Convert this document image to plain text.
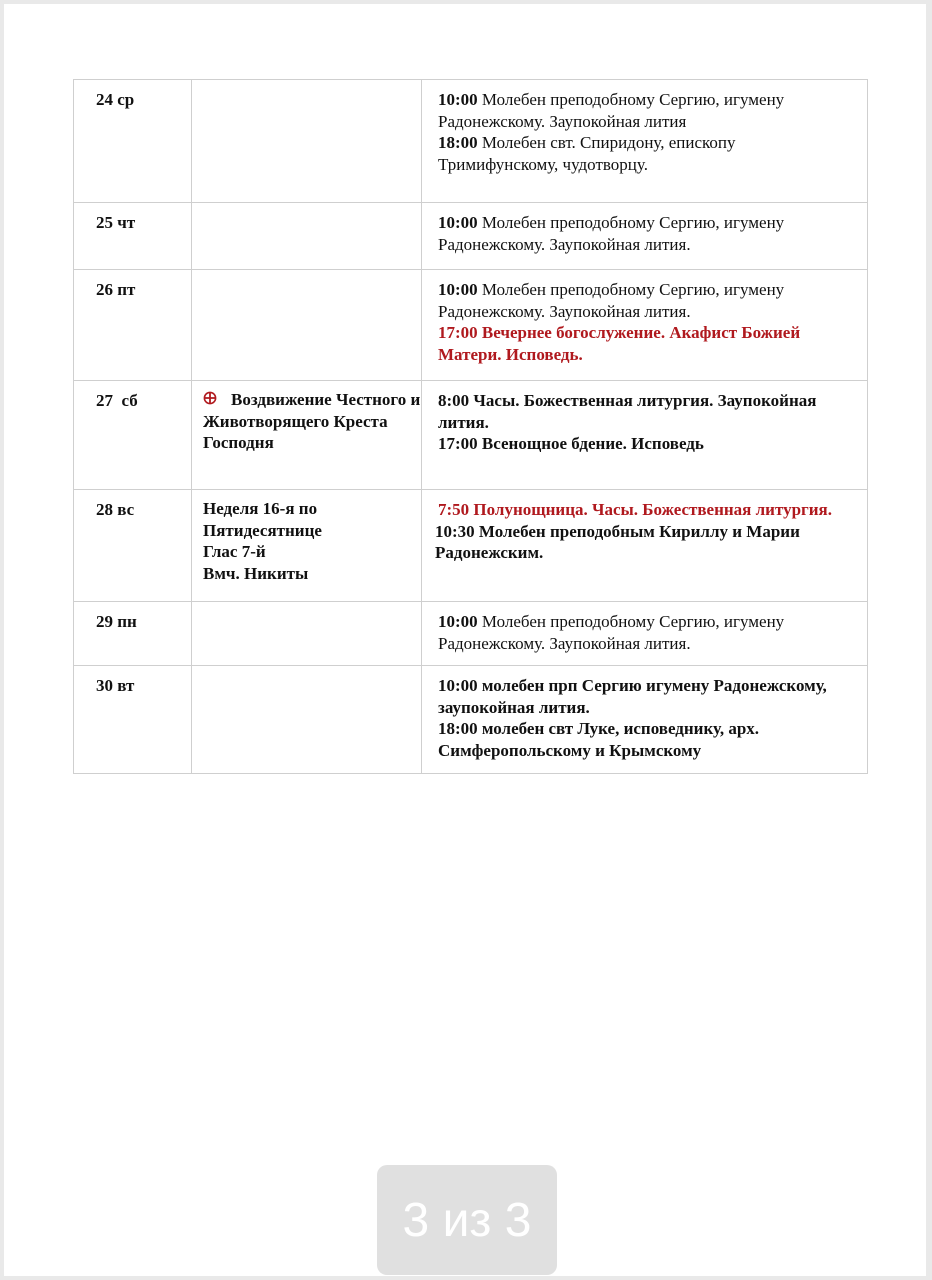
24 ср		10:00 Молебен преподобному Сергию, игумену Радонежскому. Заупокойная лития
18:00 Молебен свт. Спиридону, епископу Тримифунскому, чудотворцу.

25 чт		10:00 Молебен преподобному Сергию, игумену Радонежскому. Заупокойная лития.

26 пт		10:00 Молебен преподобному Сергию, игумену Радонежскому. Заупокойная лития.
17:00 Вечернее богослужение. Акафист Божией Матери. Исповедь.

27  сб	Воздвижение Честного и Животворящего Креста Господня	8:00 Часы. Божественная литургия. Заупокойная лития.
17:00 Всенощное бдение. Исповедь

28 вс	Неделя 16-я по Пятидесятнице
Глас 7-й
Вмч. Никиты	7:50 Полунощница. Часы. Божественная литургия.
10:30 Молебен преподобным Кириллу и Марии Радонежским.

29 пн		10:00 Молебен преподобному Сергию, игумену Радонежскому. Заупокойная лития.

30 вт		10:00 молебен прп Сергию игумену Радонежскому, заупокойная лития.
18:00 молебен свт Луке, исповеднику, арх. Симферопольскому и Крымскому
3 из 3
